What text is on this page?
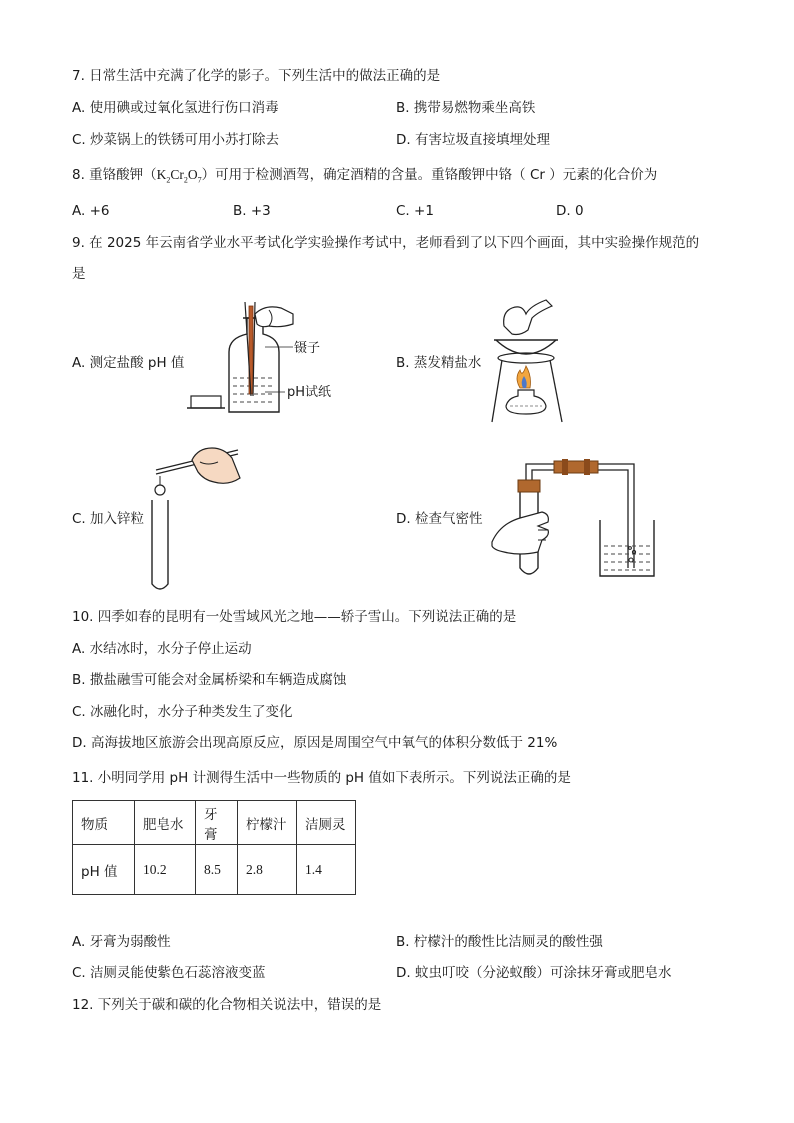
7. 日常生活中充满了化学的影子。下列生活中的做法正确的是
A. 使用碘或过氧化氢进行伤口消毒	B. 携带易燃物乘坐高铁
C. 炒菜锅上的铁锈可用小苏打除去	D. 有害垃圾直接填埋处理
8. 重铬酸钾$(K_2Cr_2O_7)$可用于检测酒驾，确定酒精的含量。重铬酸钾中铬（ Cr ）元素的化合价为
A. +6	B. +3	C. +1	D. 0
9. 在 2025 年云南省学业水平考试化学实验操作考试中，老师看到了以下四个画面，其中实验操作规范的
是
A. 测定盐酸 pH 值
镊子
pH试纸
B. 蒸发精盐水
C. 加入锌粒	D. 检查气密性
10. 四季如春的昆明有一处雪域风光之地——轿子雪山。下列说法正确的是
A. 水结冰时，水分子停止运动
B. 撒盐融雪可能会对金属桥梁和车辆造成腐蚀
C. 冰融化时，水分子种类发生了变化
D. 高海拔地区旅游会出现高原反应，原因是周围空气中氧气的体积分数低于 21%
11. 小明同学用 pH 计测得生活中一些物质的 pH 值如下表所示。下列说法正确的是
物质	肥皂水	牙膏	柠檬汁	洁厕灵
pH 值	10.2	8.5	2.8	1.4
A. 牙膏为弱酸性	B. 柠檬汁的酸性比洁厕灵的酸性强
C. 洁厕灵能使紫色石蕊溶液变蓝	D. 蚊虫叮咬（分泌蚁酸）可涂抹牙膏或肥皂水
12. 下列关于碳和碳的化合物相关说法中，错误的是
